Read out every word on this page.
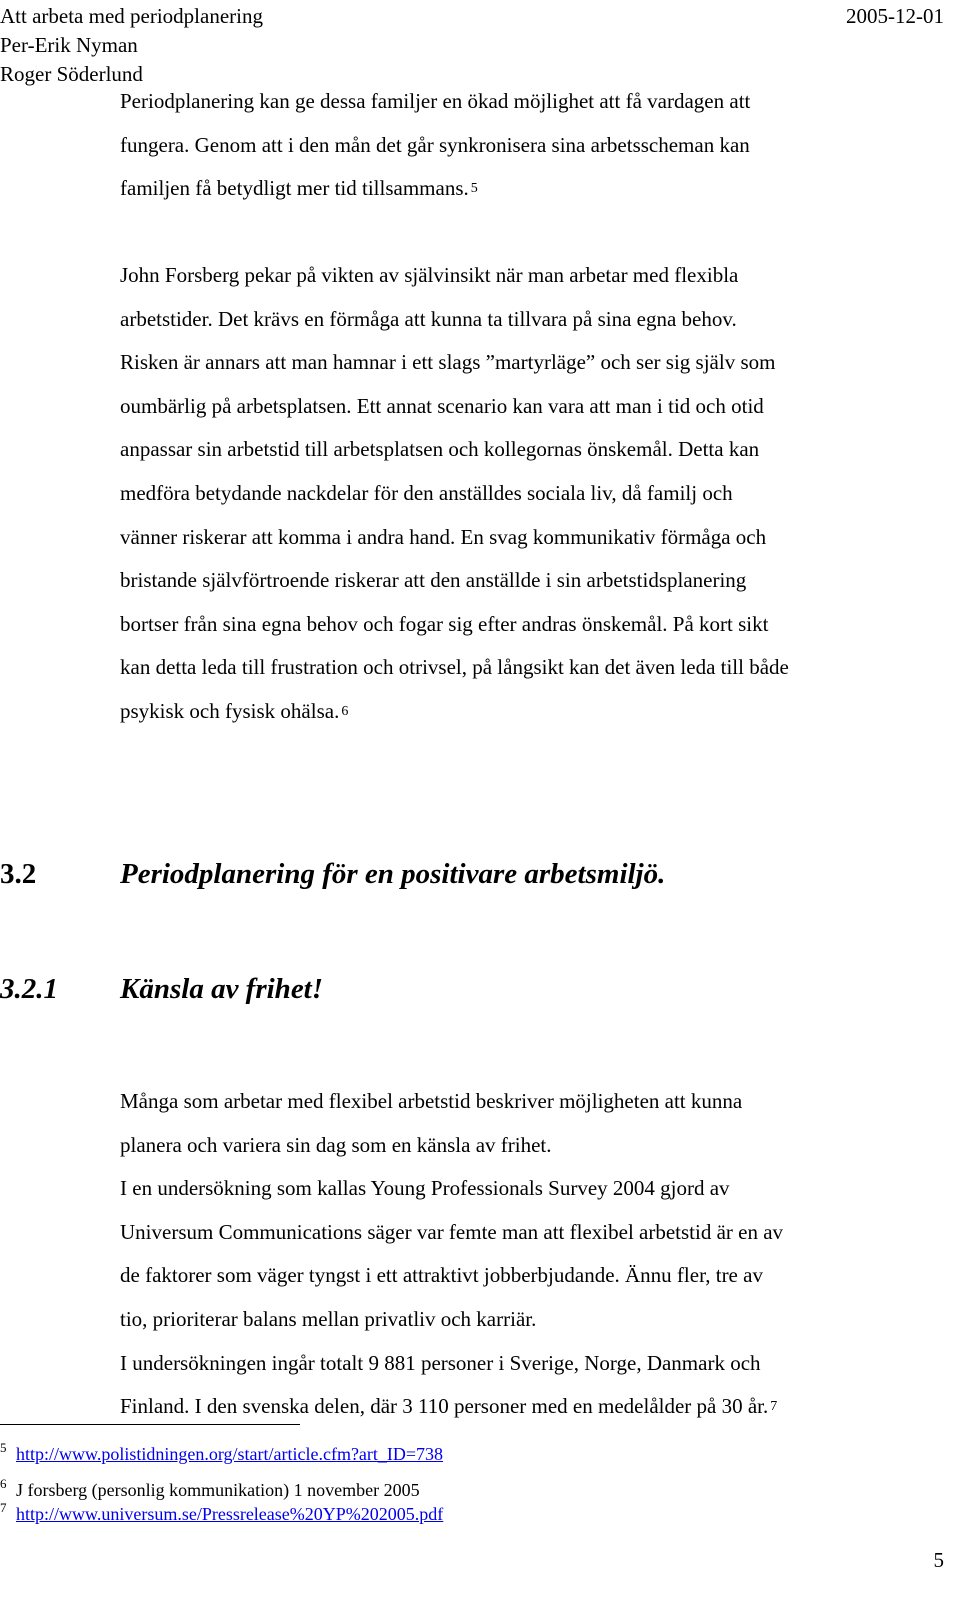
Att arbeta med periodplanering
Per-Erik Nyman
Roger Söderlund
2005-12-01
Periodplanering kan ge dessa familjer en ökad möjlighet att få vardagen att
fungera. Genom att i den mån det går synkronisera sina arbetsscheman kan
familjen få betydligt mer tid tillsammans. $^5$
John Forsberg pekar på vikten av självinsikt när man arbetar med flexibla
arbetstider. Det krävs en förmåga att kunna ta tillvara på sina egna behov.
Risken är annars att man hamnar i ett slags ”martyrläge” och ser sig själv som
oumbärlig på arbetsplatsen. Ett annat scenario kan vara att man i tid och otid
anpassar sin arbetstid till arbetsplatsen och kollegornas önskemål. Detta kan
medföra betydande nackdelar för den anställdes sociala liv, då familj och
vänner riskerar att komma i andra hand. En svag kommunikativ förmåga och
bristande självförtroende riskerar att den anställde i sin arbetstidsplanering
bortser från sina egna behov och fogar sig efter andras önskemål. På kort sikt
kan detta leda till frustration och otrivsel, på långsikt kan det även leda till både
psykisk och fysisk ohälsa. $^6$
3.2	Periodplanering för en positivare arbetsmiljö.
3.2.1 Känsla av frihet!
Många som arbetar med flexibel arbetstid beskriver möjligheten att kunna
planera och variera sin dag som en känsla av frihet.
I en undersökning som kallas Young Professionals Survey 2004 gjord av
Universum Communications säger var femte man att flexibel arbetstid är en av
de faktorer som väger tyngst i ett attraktivt jobberbjudande. Ännu fler, tre av
tio, prioriterar balans mellan privatliv och karriär.
I undersökningen ingår totalt 9 881 personer i Sverige, Norge, Danmark och
Finland. I den svenska delen, där 3 110 personer med en medelålder på 30 år. $^7$
5 http://www.polistidningen.org/start/article.cfm?art_ID=738
6 J forsberg (personlig kommunikation) 1 november 2005
7 http://www.universum.se/Pressrelease%20YP%202005.pdf
5
